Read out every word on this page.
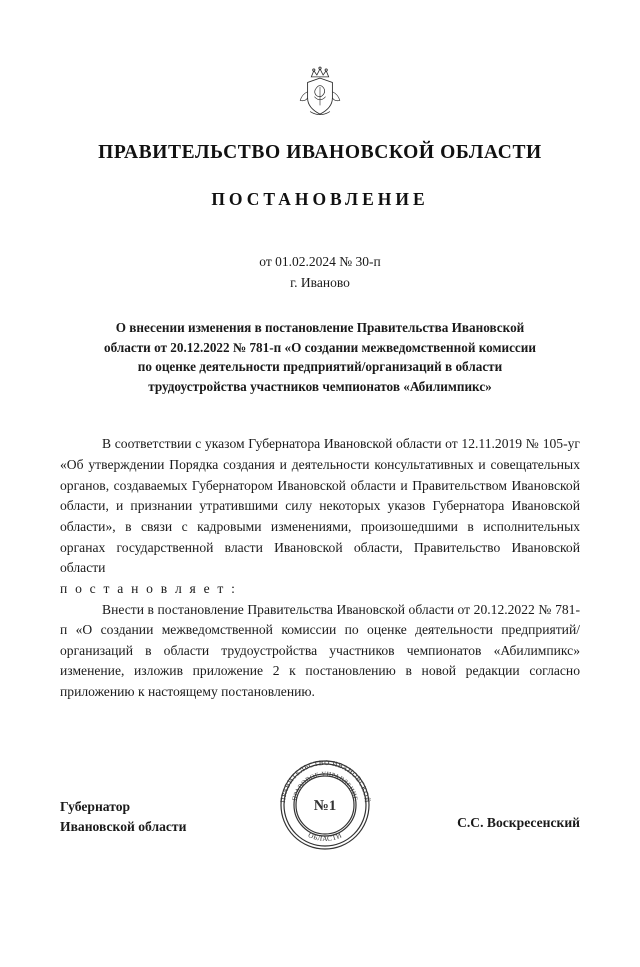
ПРАВИТЕЛЬСТВО ИВАНОВСКОЙ ОБЛАСТИ
ПОСТАНОВЛЕНИЕ
от 01.02.2024 № 30-п
г. Иваново
О внесении изменения в постановление Правительства Ивановской области от 20.12.2022 № 781-п «О создании межведомственной комиссии по оценке деятельности предприятий/организаций в области трудоустройства участников чемпионатов «Абилимпикс»

В соответствии с указом Губернатора Ивановской области от 12.11.2019 № 105-уг «Об утверждении Порядка создания и деятельности консультативных и совещательных органов, создаваемых Губернатором Ивановской области и Правительством Ивановской области, и признании утратившими силу некоторых указов Губернатора Ивановской области», в связи с кадровыми изменениями, произошедшими в исполнительных органах государственной власти Ивановской области, Правительство Ивановской области

п о с т а н о в л я е т :

Внести в постановление Правительства Ивановской области от 20.12.2022 № 781-п «О создании межведомственной комиссии по оценке деятельности предприятий/организаций в области трудоустройства участников чемпионатов «Абилимпикс» изменение, изложив приложение 2 к постановлению в новой редакции согласно приложению к настоящему постановлению.

ПРАВИТЕЛЬСТВО ИВАНОВСКОЙ
ОБЛАСТИ
ПРАВОВОЕ УПРАВЛЕНИЕ
№1
Губернатор
Ивановской области	С.С. Воскресенский
